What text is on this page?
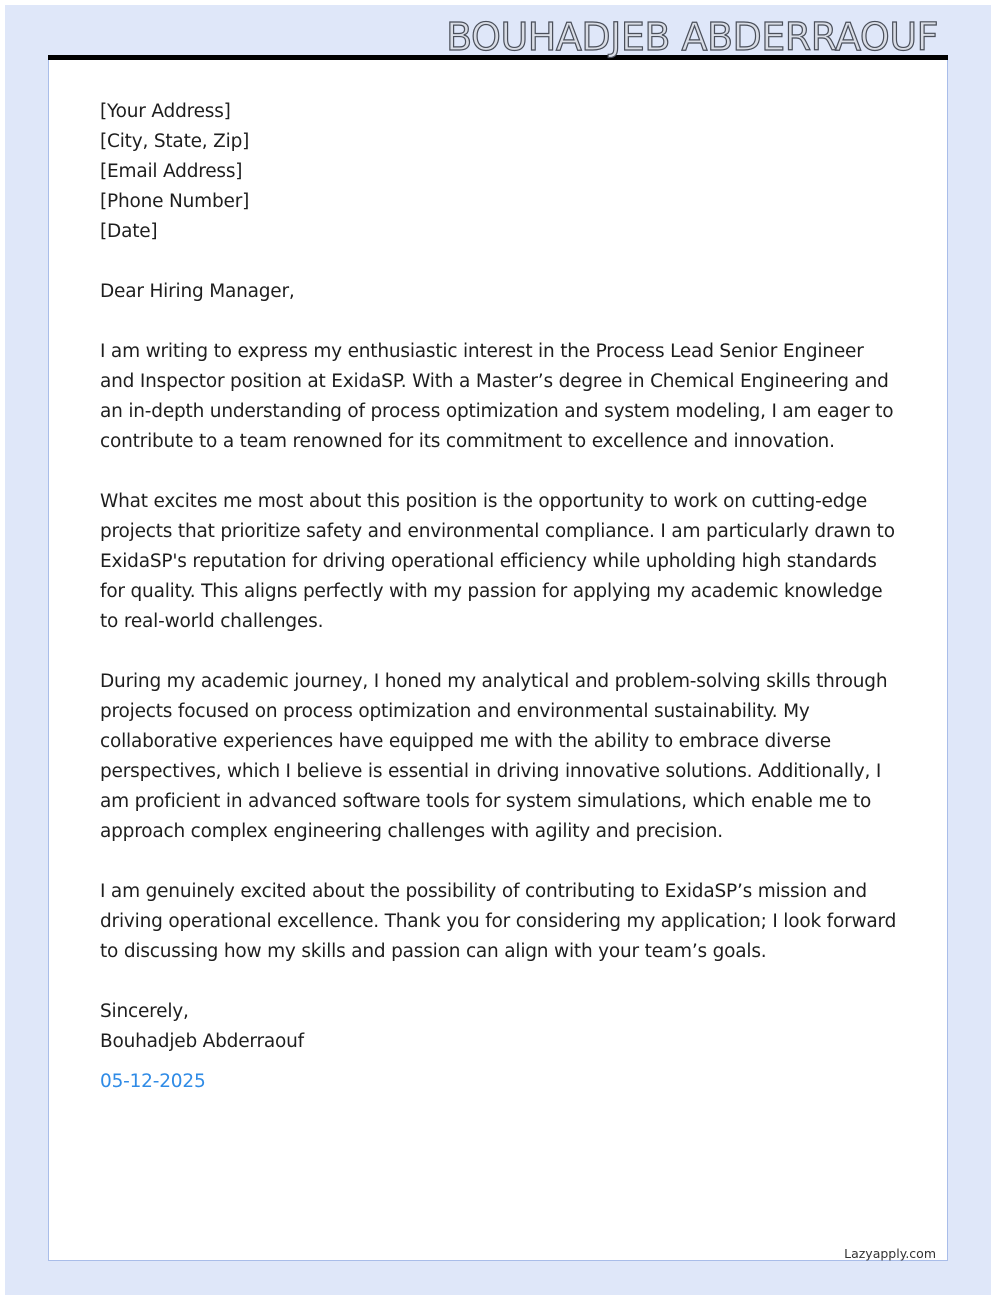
BOUHADJEB ABDERRAOUF
[Your Address]
[City, State, Zip]
[Email Address]
[Phone Number]
[Date]

Dear Hiring Manager,

I am writing to express my enthusiastic interest in the Process Lead Senior Engineer and Inspector position at ExidaSP. With a Master’s degree in Chemical Engineering and an in-depth understanding of process optimization and system modeling, I am eager to contribute to a team renowned for its commitment to excellence and innovation.

What excites me most about this position is the opportunity to work on cutting-edge projects that prioritize safety and environmental compliance. I am particularly drawn to ExidaSP's reputation for driving operational efficiency while upholding high standards for quality. This aligns perfectly with my passion for applying my academic knowledge to real-world challenges.

During my academic journey, I honed my analytical and problem-solving skills through projects focused on process optimization and environmental sustainability. My collaborative experiences have equipped me with the ability to embrace diverse perspectives, which I believe is essential in driving innovative solutions. Additionally, I am proficient in advanced software tools for system simulations, which enable me to approach complex engineering challenges with agility and precision.

I am genuinely excited about the possibility of contributing to ExidaSP’s mission and driving operational excellence. Thank you for considering my application; I look forward to discussing how my skills and passion can align with your team’s goals.

Sincerely,

Bouhadjeb Abderraouf

05-12-2025
Lazyapply.com
